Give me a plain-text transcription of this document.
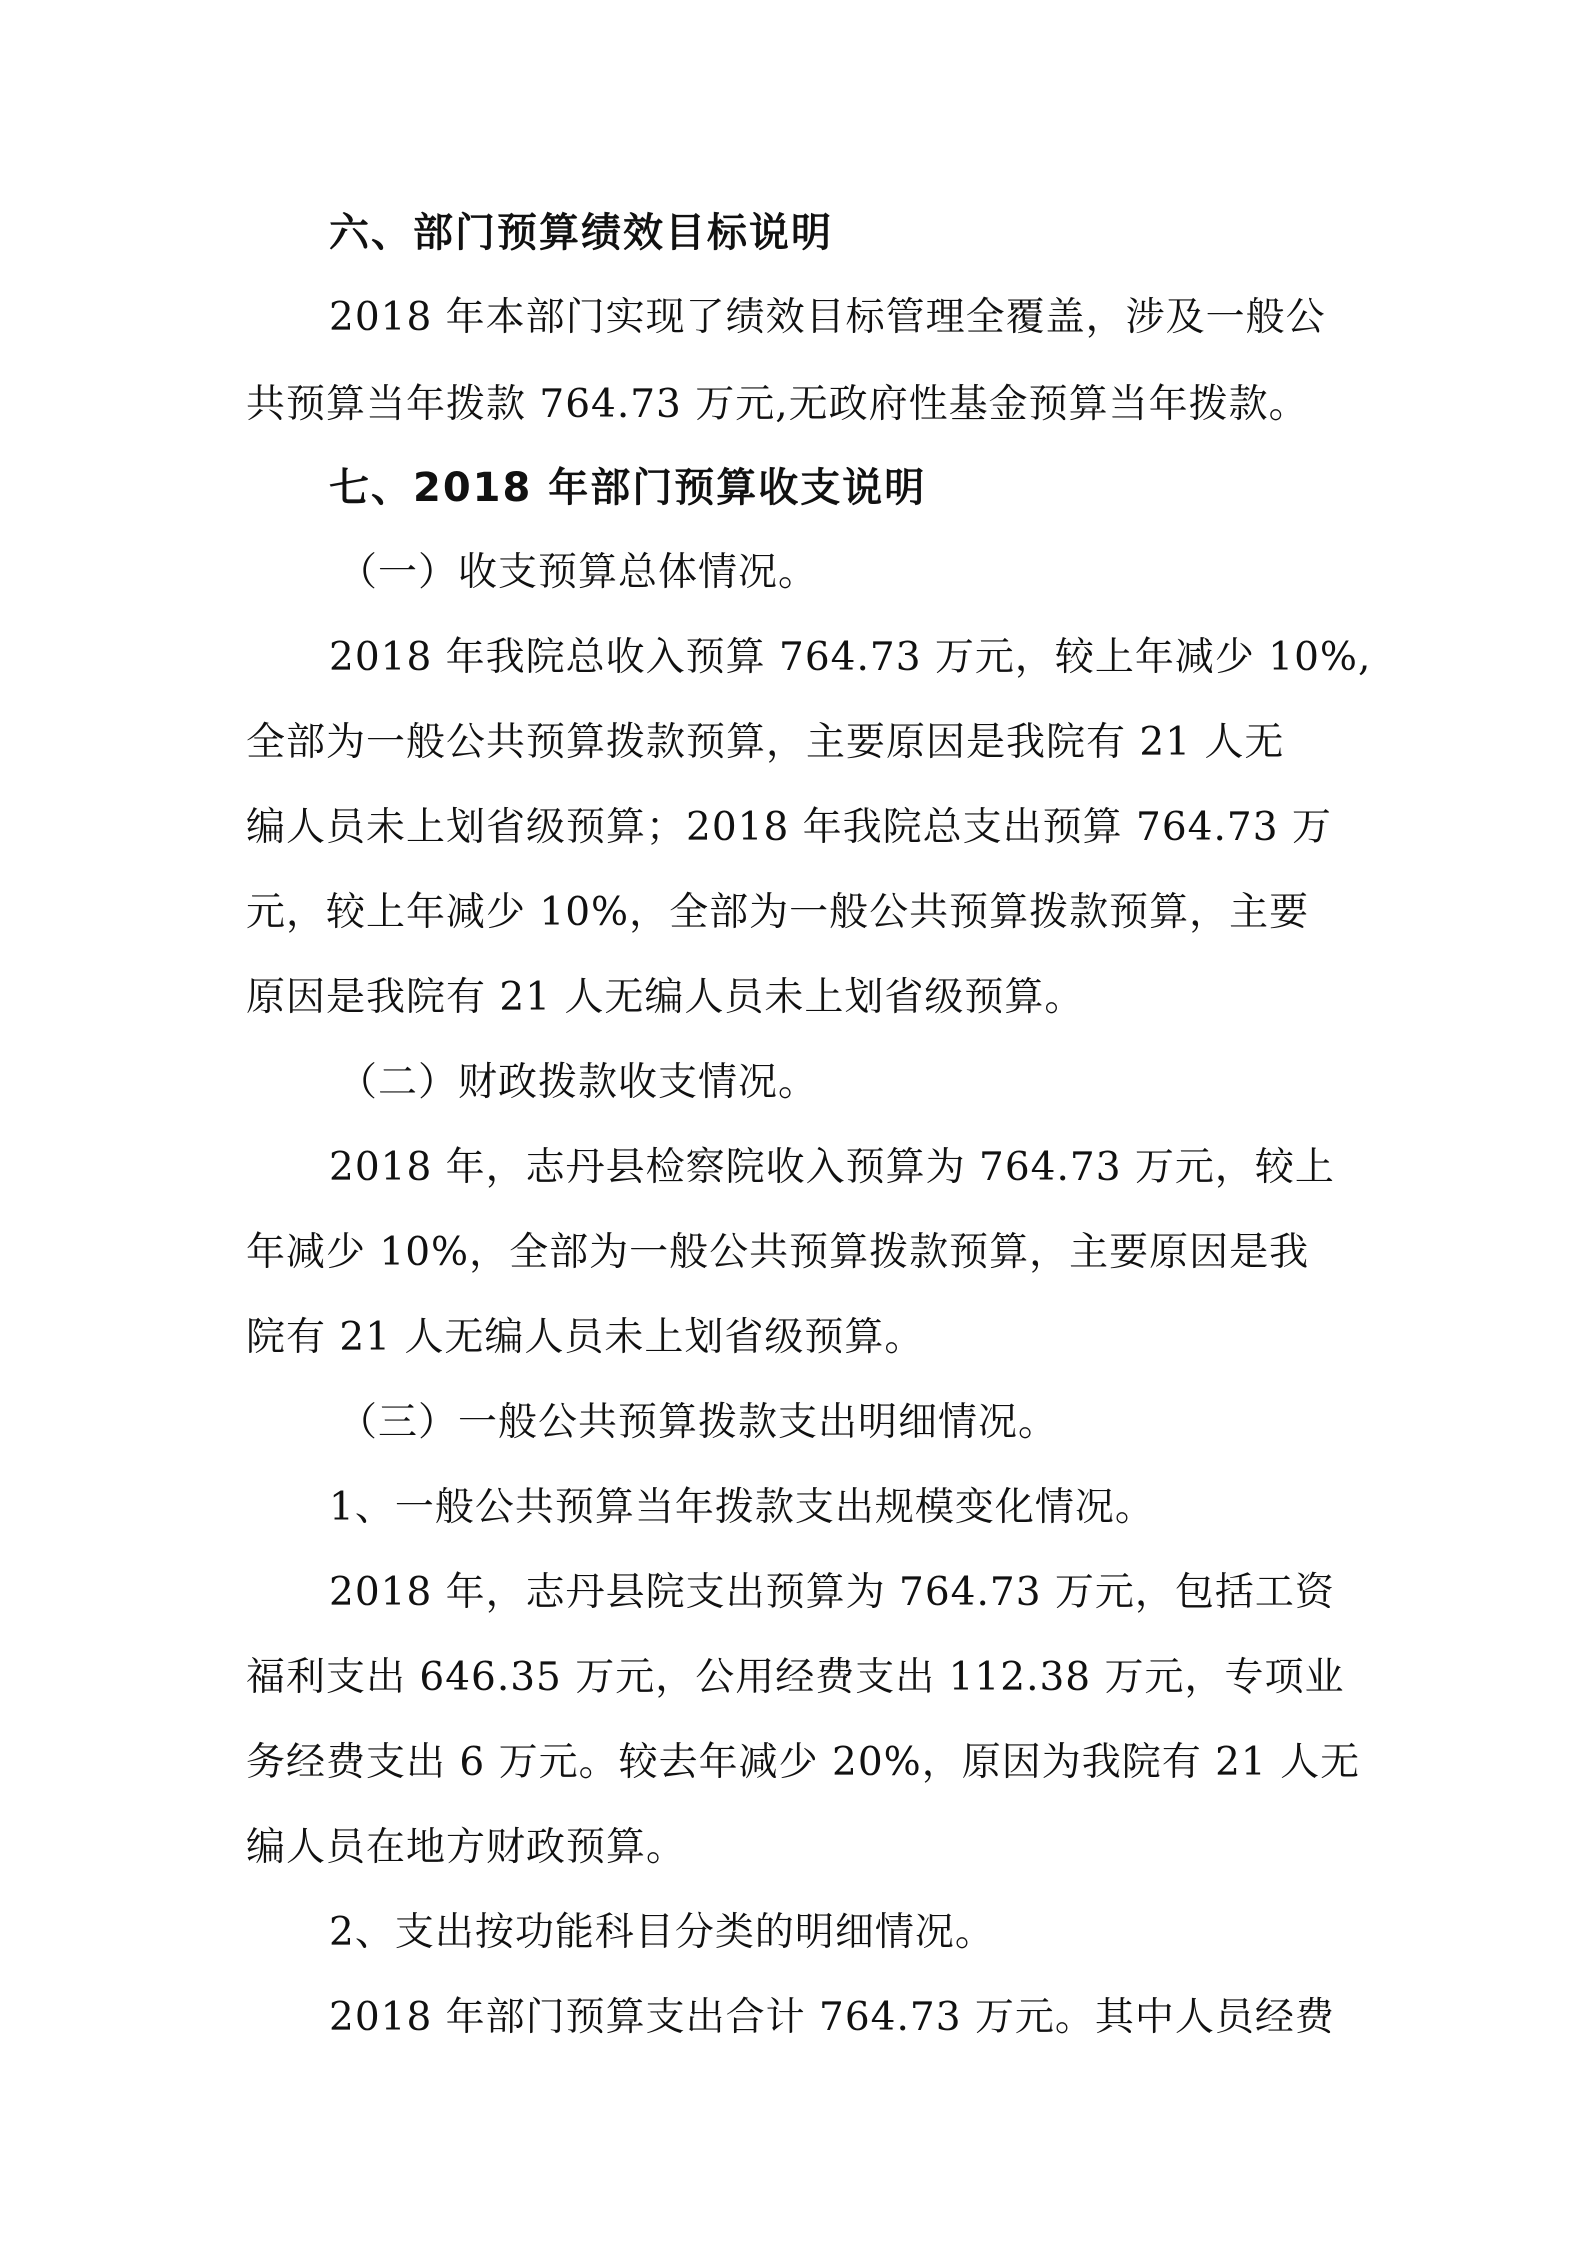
六、部门预算绩效目标说明
2018 年本部门实现了绩效目标管理全覆盖，涉及一般公
共预算当年拨款 764.73 万元,无政府性基金预算当年拨款。
七、2018 年部门预算收支说明
（一）收支预算总体情况。
2018 年我院总收入预算 764.73 万元，较上年减少 10%,
全部为一般公共预算拨款预算，主要原因是我院有 21 人无
编人员未上划省级预算；2018 年我院总支出预算 764.73 万
元，较上年减少 10%，全部为一般公共预算拨款预算，主要
原因是我院有 21 人无编人员未上划省级预算。
（二）财政拨款收支情况。
2018 年，志丹县检察院收入预算为 764.73 万元，较上
年减少 10%，全部为一般公共预算拨款预算，主要原因是我
院有 21 人无编人员未上划省级预算。
（三）一般公共预算拨款支出明细情况。
1、一般公共预算当年拨款支出规模变化情况。
2018 年，志丹县院支出预算为 764.73 万元，包括工资
福利支出 646.35 万元，公用经费支出 112.38 万元，专项业
务经费支出 6 万元。较去年减少 20%，原因为我院有 21 人无
编人员在地方财政预算。
2、支出按功能科目分类的明细情况。
2018 年部门预算支出合计 764.73 万元。其中人员经费
